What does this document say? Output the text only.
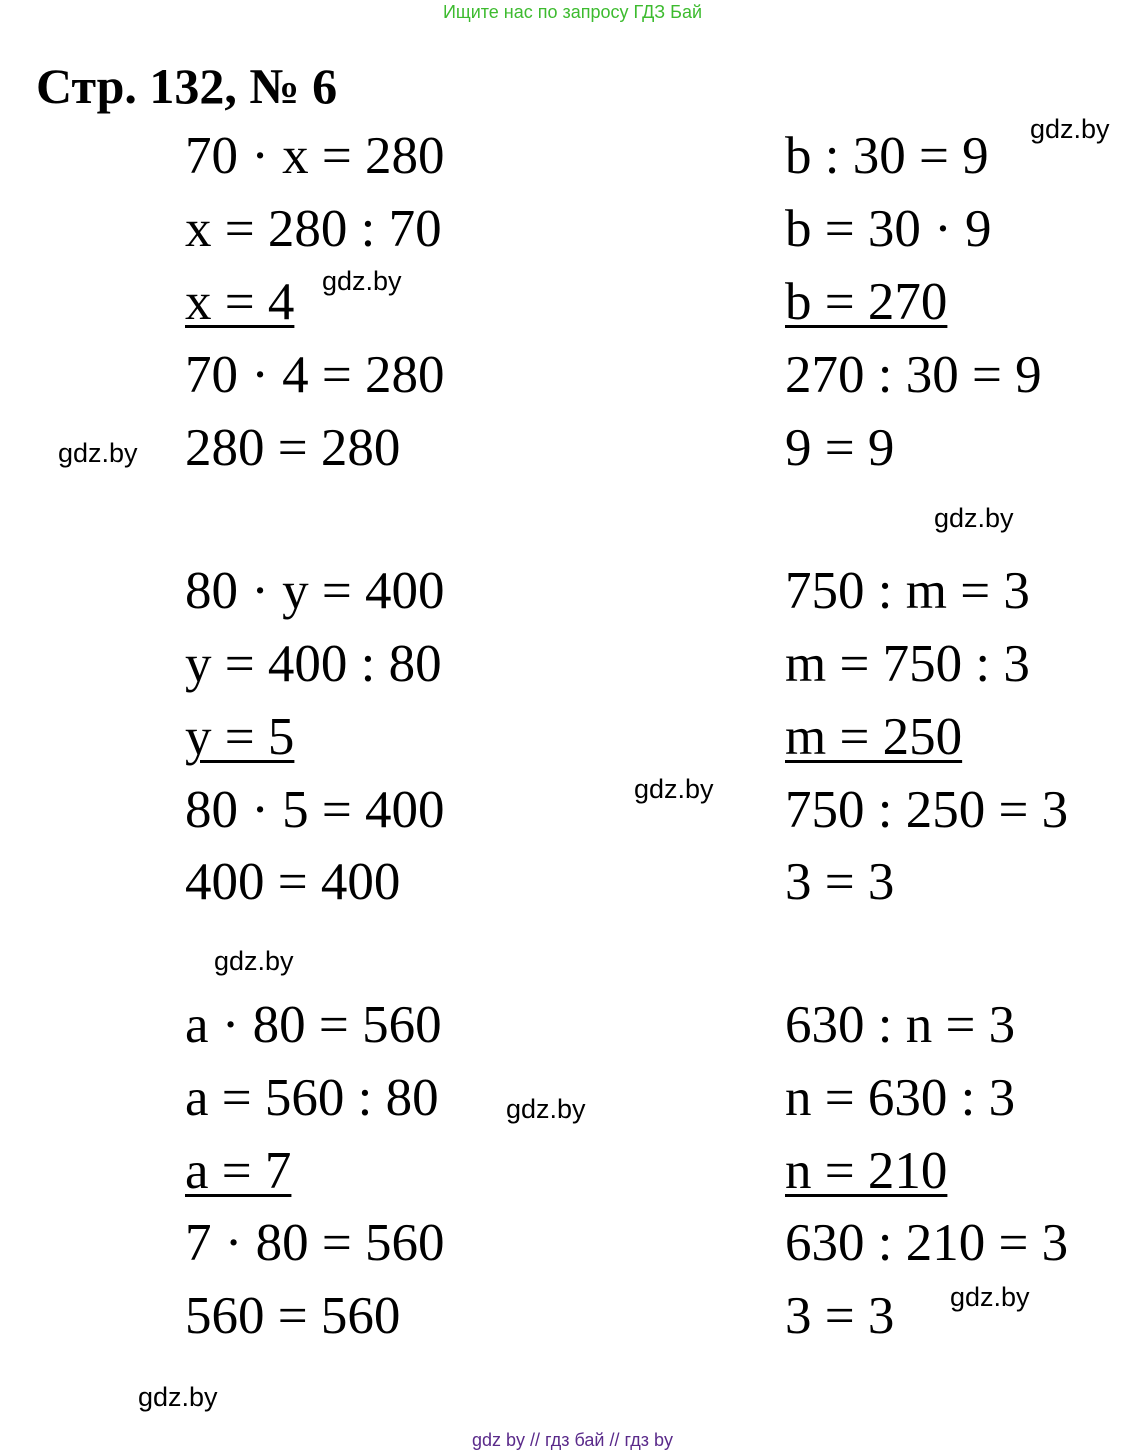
Ищите нас по запросу ГДЗ Бай
Стр. 132, № 6
70 · x = 280
x = 280 : 70
x = 4
70 · 4 = 280
280 = 280
b : 30 = 9
b = 30 · 9
b = 270
270 : 30 = 9
9 = 9
80 · y = 400
y = 400 : 80
y = 5
80 · 5 = 400
400 = 400
750 : m = 3
m = 750 : 3
m = 250
750 : 250 = 3
3 = 3
a · 80 = 560
a = 560 : 80
a = 7
7 · 80 = 560
560 = 560
630 : n = 3
n = 630 : 3
n = 210
630 : 210 = 3
3 = 3
gdz.by
gdz.by
gdz.by
gdz.by
gdz.by
gdz.by
gdz.by
gdz.by
gdz.by
gdz by // гдз бай // гдз by
